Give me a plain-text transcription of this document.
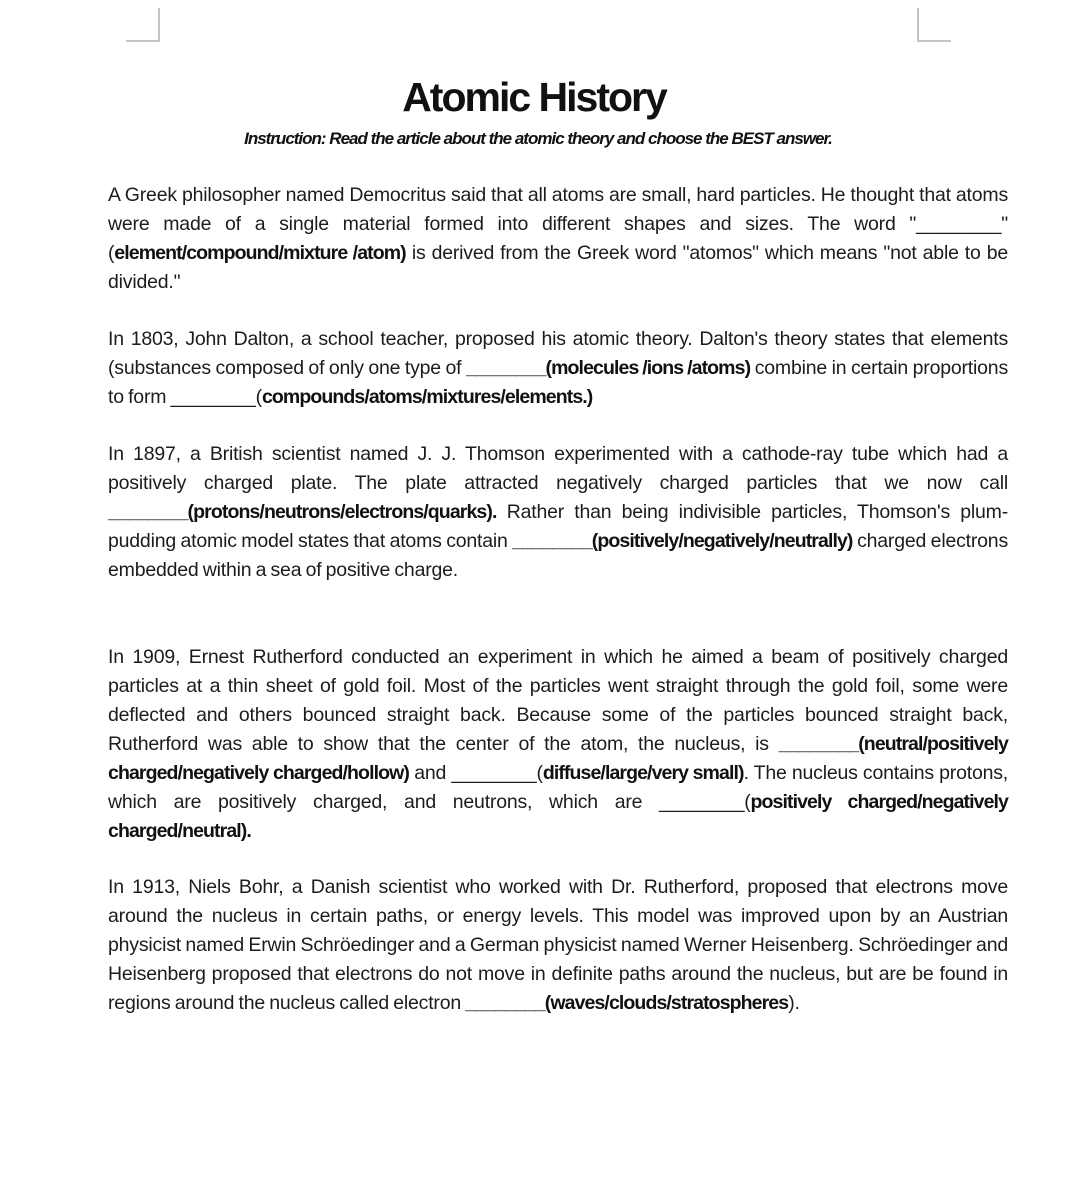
Atomic History
Instruction: Read the article about the atomic theory and choose the BEST answer.

A Greek philosopher named Democritus said that all atoms are small, hard particles. He thought that atoms were made of a single material formed into different shapes and sizes. The word "________" (element/compound/mixture /atom) is derived from the Greek word "atomos" which means "not able to be divided."

In 1803, John Dalton, a school teacher, proposed his atomic theory. Dalton's theory states that elements (substances composed of only one type of ________(molecules /ions /atoms) combine in certain proportions to form ________(compounds/atoms/mixtures/elements.)

In 1897, a British scientist named J. J. Thomson experimented with a cathode-ray tube which had a positively charged plate. The plate attracted negatively charged particles that we now call ________(protons/neutrons/electrons/quarks). Rather than being indivisible particles, Thomson's plum-pudding atomic model states that atoms contain ________(positively/negatively/neutrally) charged electrons embedded within a sea of positive charge.

In 1909, Ernest Rutherford conducted an experiment in which he aimed a beam of positively charged particles at a thin sheet of gold foil. Most of the particles went straight through the gold foil, some were deflected and others bounced straight back. Because some of the particles bounced straight back, Rutherford was able to show that the center of the atom, the nucleus, is ________(neutral/positively charged/negatively charged/hollow) and ________(diffuse/large/very small). The nucleus contains protons, which are positively charged, and neutrons, which are ________(positively charged/negatively charged/neutral).

In 1913, Niels Bohr, a Danish scientist who worked with Dr. Rutherford, proposed that electrons move around the nucleus in certain paths, or energy levels. This model was improved upon by an Austrian physicist named Erwin Schröedinger and a German physicist named Werner Heisenberg. Schröedinger and Heisenberg proposed that electrons do not move in definite paths around the nucleus, but are be found in regions around the nucleus called electron ________(waves/clouds/stratospheres).
